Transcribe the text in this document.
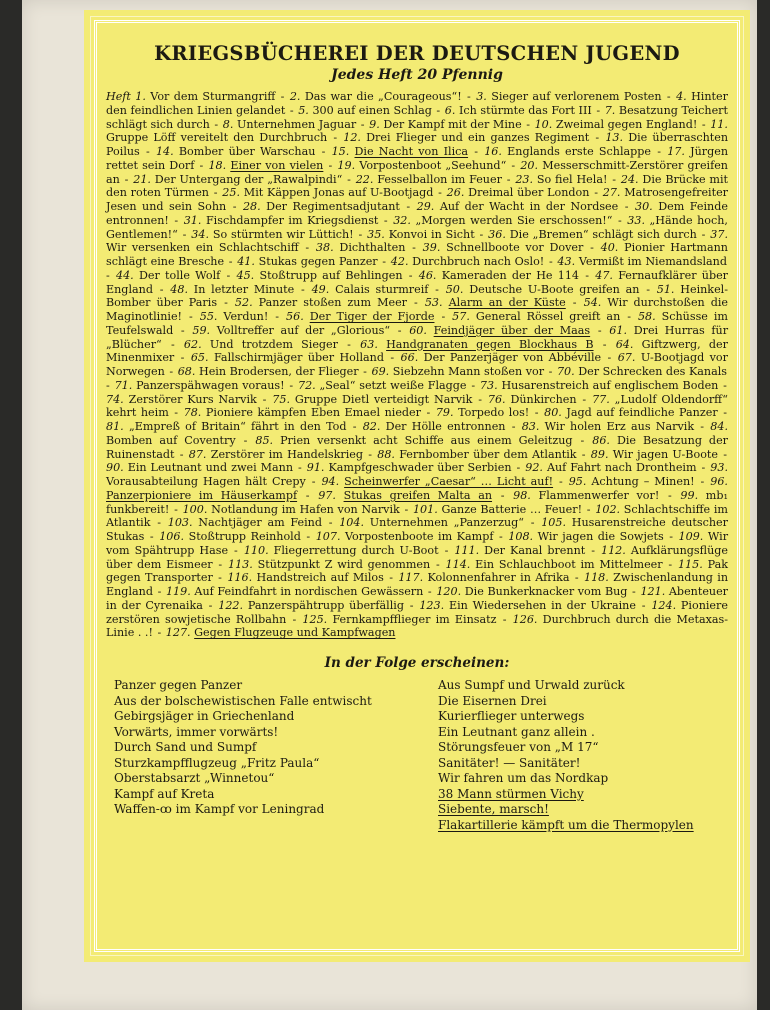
KRIEGSBÜCHEREI DER DEUTSCHEN JUGEND

Jedes Heft 20 Pfennig

Heft 1. Vor dem Sturmangriff - 2. Das war die „Courageous“! - 3. Sieger auf verlorenem Posten - 4. Hinter den feindlichen Linien gelandet - 5. 300 auf einen Schlag - 6. Ich stürmte das Fort III - 7. Besatzung Teichert schlägt sich durch - 8. Unternehmen Jaguar - 9. Der Kampf mit der Mine - 10. Zweimal gegen England! - 11. Gruppe Löff vereitelt den Durchbruch - 12. Drei Flieger und ein ganzes Regiment - 13. Die überraschten Poilus - 14. Bomber über Warschau - 15. Die Nacht von Ilica - 16. Englands erste Schlappe - 17. Jürgen rettet sein Dorf - 18. Einer von vielen - 19. Vorpostenboot „Seehund“ - 20. Messerschmitt-Zerstörer greifen an - 21. Der Untergang der „Rawalpindi“ - 22. Fesselballon im Feuer - 23. So fiel Hela! - 24. Die Brücke mit den roten Türmen - 25. Mit Käppen Jonas auf U-Bootjagd - 26. Dreimal über London - 27. Matrosengefreiter Jesen und sein Sohn - 28. Der Regimentsadjutant - 29. Auf der Wacht in der Nordsee - 30. Dem Feinde entronnen! - 31. Fischdampfer im Kriegsdienst - 32. „Morgen werden Sie erschossen!“ - 33. „Hände hoch, Gentlemen!“ - 34. So stürmten wir Lüttich! - 35. Konvoi in Sicht - 36. Die „Bremen“ schlägt sich durch - 37. Wir versenken ein Schlachtschiff - 38. Dichthalten - 39. Schnellboote vor Dover - 40. Pionier Hartmann schlägt eine Bresche - 41. Stukas gegen Panzer - 42. Durchbruch nach Oslo! - 43. Vermißt im Niemandsland - 44. Der tolle Wolf - 45. Stoßtrupp auf Behlingen - 46. Kameraden der He 114 - 47. Fernaufklärer über England - 48. In letzter Minute - 49. Calais sturmreif - 50. Deutsche U-Boote greifen an - 51. Heinkel-Bomber über Paris - 52. Panzer stoßen zum Meer - 53. Alarm an der Küste - 54. Wir durchstoßen die Maginotlinie! - 55. Verdun! - 56. Der Tiger der Fjorde - 57. General Rössel greift an - 58. Schüsse im Teufelswald - 59. Volltreffer auf der „Glorious“ - 60. Feindjäger über der Maas - 61. Drei Hurras für „Blücher“ - 62. Und trotzdem Sieger - 63. Handgranaten gegen Blockhaus B - 64. Giftzwerg, der Minenmixer - 65. Fallschirmjäger über Holland - 66. Der Panzerjäger von Abbéville - 67. U-Bootjagd vor Norwegen - 68. Hein Brodersen, der Flieger - 69. Siebzehn Mann stoßen vor - 70. Der Schrecken des Kanals - 71. Panzerspähwagen voraus! - 72. „Seal“ setzt weiße Flagge - 73. Husarenstreich auf englischem Boden - 74. Zerstörer Kurs Narvik - 75. Gruppe Dietl verteidigt Narvik - 76. Dünkirchen - 77. „Ludolf Oldendorff“ kehrt heim - 78. Pioniere kämpfen Eben Emael nieder - 79. Torpedo los! - 80. Jagd auf feindliche Panzer - 81. „Empreß of Britain“ fährt in den Tod - 82. Der Hölle entronnen - 83. Wir holen Erz aus Narvik - 84. Bomben auf Coventry - 85. Prien versenkt acht Schiffe aus einem Geleitzug - 86. Die Besatzung der Ruinenstadt - 87. Zerstörer im Handelskrieg - 88. Fernbomber über dem Atlantik - 89. Wir jagen U-Boote - 90. Ein Leutnant und zwei Mann - 91. Kampfgeschwader über Serbien - 92. Auf Fahrt nach Drontheim - 93. Vorausabteilung Hagen hält Crepy - 94. Scheinwerfer „Caesar“ … Licht auf! - 95. Achtung – Minen! - 96. Panzerpioniere im Häuserkampf - 97. Stukas greifen Malta an - 98. Flammenwerfer vor! - 99. mb₁ funkbereit! - 100. Notlandung im Hafen von Narvik - 101. Ganze Batterie … Feuer! - 102. Schlachtschiffe im Atlantik - 103. Nachtjäger am Feind - 104. Unternehmen „Panzerzug“ - 105. Husarenstreiche deutscher Stukas - 106. Stoßtrupp Reinhold - 107. Vorpostenboote im Kampf - 108. Wir jagen die Sowjets - 109. Wir vom Spähtrupp Hase - 110. Fliegerrettung durch U-Boot - 111. Der Kanal brennt - 112. Aufklärungsflüge über dem Eismeer - 113. Stützpunkt Z wird genommen - 114. Ein Schlauchboot im Mittelmeer - 115. Pak gegen Transporter - 116. Handstreich auf Milos - 117. Kolonnenfahrer in Afrika - 118. Zwischenlandung in England - 119. Auf Feindfahrt in nordischen Gewässern - 120. Die Bunkerknacker vom Bug - 121. Abenteuer in der Cyrenaika - 122. Panzerspähtrupp überfällig - 123. Ein Wiedersehen in der Ukraine - 124. Pioniere zerstören sowjetische Rollbahn - 125. Fernkampfflieger im Einsatz - 126. Durchbruch durch die Metaxas-Linie . .! - 127. Gegen Flugzeuge und Kampfwagen

In der Folge erscheinen:

Panzer gegen Panzer
Aus der bolschewistischen Falle entwischt
Gebirgsjäger in Griechenland
Vorwärts, immer vorwärts!
Durch Sand und Sumpf
Sturzkampfflugzeug „Fritz Paula“
Oberstabsarzt „Winnetou“
Kampf auf Kreta
Waffen-ꝏ im Kampf vor Leningrad
Aus Sumpf und Urwald zurück
Die Eisernen Drei
Kurierflieger unterwegs
Ein Leutnant ganz allein .
Störungsfeuer von „M 17“
Sanitäter! — Sanitäter!
Wir fahren um das Nordkap
38 Mann stürmen Vichy
Siebente, marsch!
Flakartillerie kämpft um die Thermopylen
